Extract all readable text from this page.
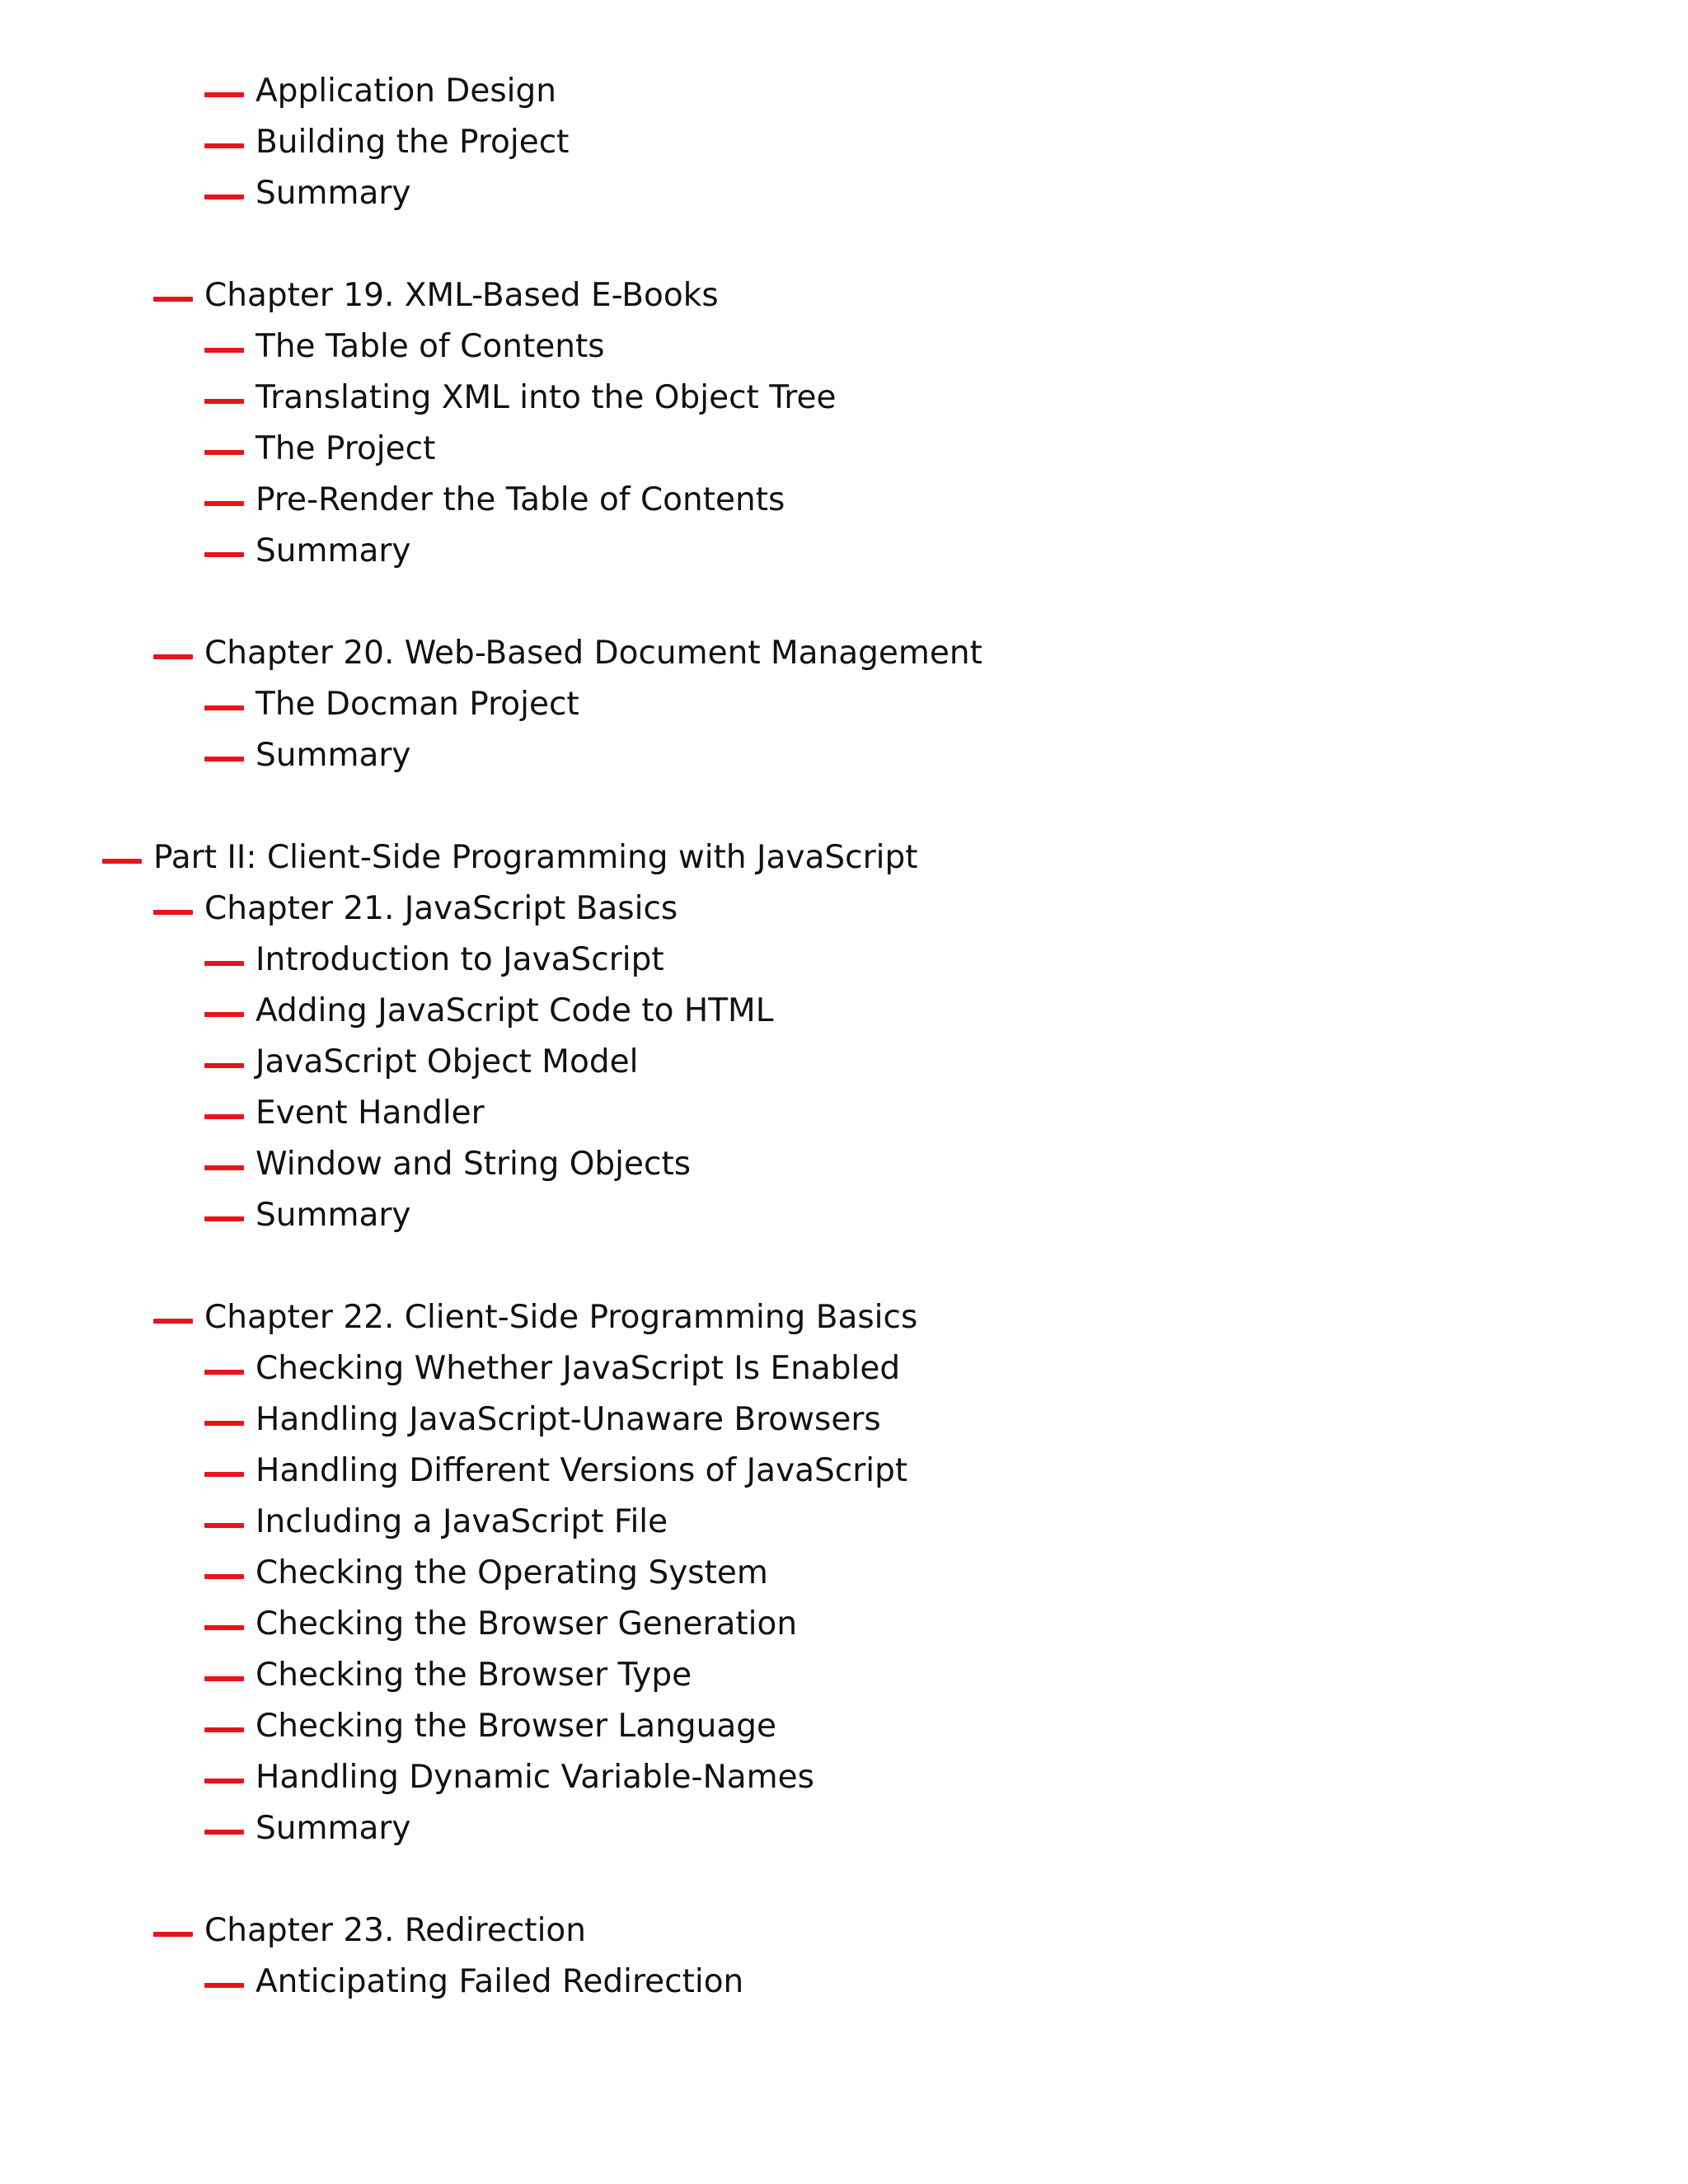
Application Design
Building the Project
Summary
Chapter 19. XML-Based E-Books
The Table of Contents
Translating XML into the Object Tree
The Project
Pre-Render the Table of Contents
Summary
Chapter 20. Web-Based Document Management
The Docman Project
Summary
Part II: Client-Side Programming with JavaScript
Chapter 21. JavaScript Basics
Introduction to JavaScript
Adding JavaScript Code to HTML
JavaScript Object Model
Event Handler
Window and String Objects
Summary
Chapter 22. Client-Side Programming Basics
Checking Whether JavaScript Is Enabled
Handling JavaScript-Unaware Browsers
Handling Different Versions of JavaScript
Including a JavaScript File
Checking the Operating System
Checking the Browser Generation
Checking the Browser Type
Checking the Browser Language
Handling Dynamic Variable-Names
Summary
Chapter 23. Redirection
Anticipating Failed Redirection
